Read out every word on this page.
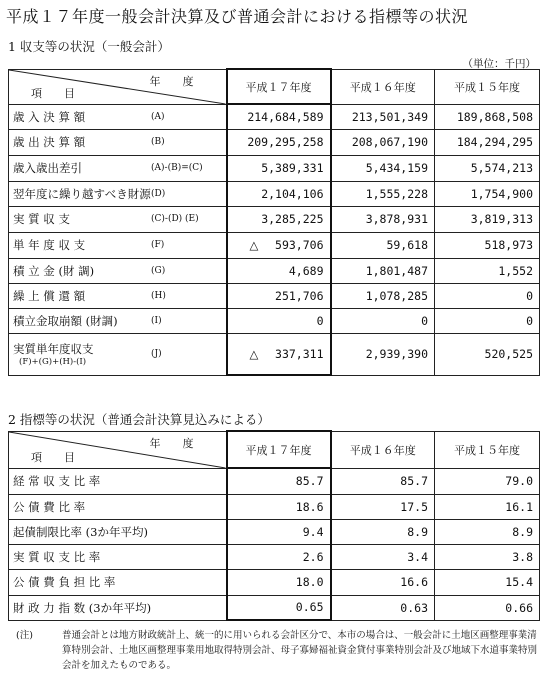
平成１７年度一般会計決算及び普通会計における指標等の状況
1 収支等の状況（一般会計）
（単位：千円）
年　　度
項　　目	平成１７年度	平成１６年度	平成１５年度
歳 入 決 算 額 (A)	214,684,589	213,501,349	189,868,508
歳 出 決 算 額 (B)	209,295,258	208,067,190	184,294,295
歳入歳出差引 (A)-(B)=(C)	5,389,331	5,434,159	5,574,213
翌年度に繰り越すべき財源 (D)	2,104,106	1,555,228	1,754,900
実 質 収 支 (C)-(D) (E)	3,285,225	3,878,931	3,819,313
単 年 度 収 支 (F)	△ 593,706	59,618	518,973
積 立 金 (財 調) (G)	4,689	1,801,487	1,552
繰 上 償 還 額 (H)	251,706	1,078,285	0
積立金取崩額 (財調) (I)	0	0	0
実質単年度収支
(F)+(G)+(H)-(I)
(J)	△ 337,311	2,939,390	520,525
2 指標等の状況（普通会計決算見込みによる）
年　　度
項　　目	平成１７年度	平成１６年度	平成１５年度
経 常 収 支 比 率	85.7	85.7	79.0
公 債 費 比 率	18.6	17.5	16.1
起債制限比率 (3か年平均)	9.4	8.9	8.9
実 質 収 支 比 率	2.6	3.4	3.8
公 債 費 負 担 比 率	18.0	16.6	15.4
財 政 力 指 数 (3か年平均)	0.65	0.63	0.66
(注)	普通会計とは地方財政統計上、統一的に用いられる会計区分で、本市の場合は、一般会計に土地区画整理事業清算特別会計、土地区画整理事業用地取得特別会計、母子寡婦福祉資金貸付事業特別会計及び地域下水道事業特別会計を加えたものである。
